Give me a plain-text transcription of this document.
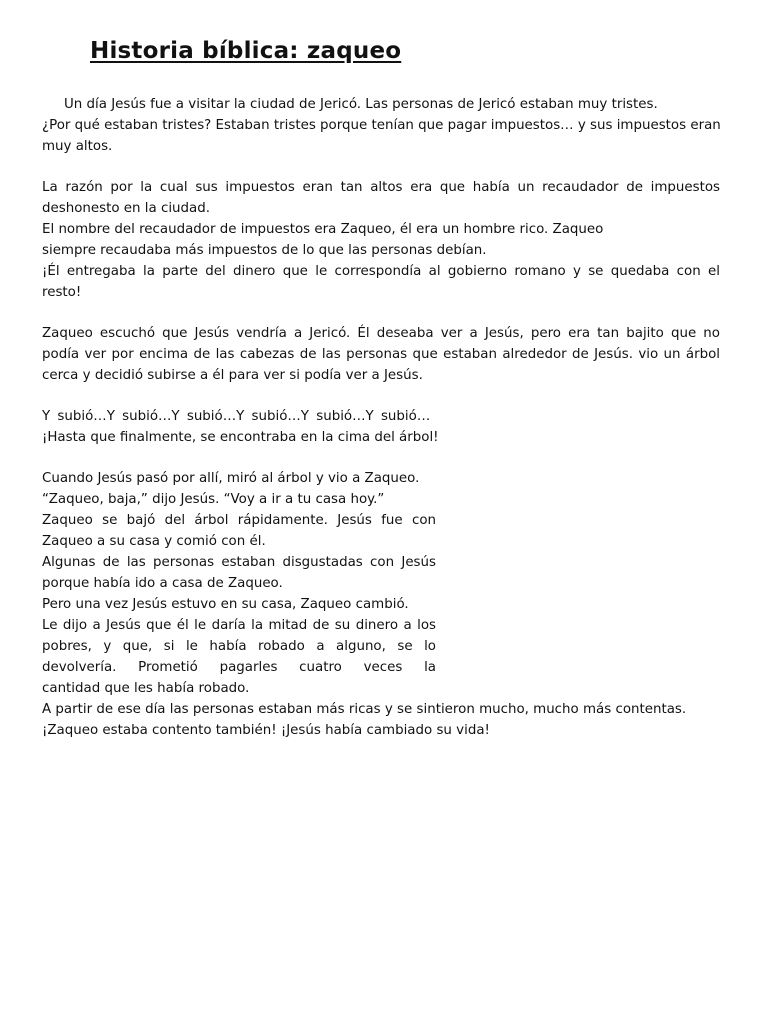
Historia bíblica: zaqueo
Un día Jesús fue a visitar la ciudad de Jericó. Las personas de Jericó estaban muy tristes.
¿Por qué estaban tristes? Estaban tristes porque tenían que pagar impuestos… y sus impuestos eran
muy altos.
La razón por la cual sus impuestos eran tan altos era que había un recaudador de impuestos
deshonesto en la ciudad.
El nombre del recaudador de impuestos era Zaqueo, él era un hombre rico. Zaqueo
siempre recaudaba más impuestos de lo que las personas debían.
¡Él entregaba la parte del dinero que le correspondía al gobierno romano y se quedaba con el
resto!
Zaqueo escuchó que Jesús vendría a Jericó. Él deseaba ver a Jesús, pero era tan bajito que no
podía ver por encima de las cabezas de las personas que estaban alrededor de Jesús. vio un árbol
cerca y decidió subirse a él para ver si podía ver a Jesús.
Y subió…Y subió…Y subió…Y subió…Y subió…Y subió…
¡Hasta que finalmente, se encontraba en la cima del árbol!
Cuando Jesús pasó por allí, miró al árbol y vio a Zaqueo.
“Zaqueo, baja,” dijo Jesús. “Voy a ir a tu casa hoy.”
Zaqueo se bajó del árbol rápidamente. Jesús fue con
Zaqueo a su casa y comió con él.
Algunas de las personas estaban disgustadas con Jesús
porque había ido a casa de Zaqueo.
Pero una vez Jesús estuvo en su casa, Zaqueo cambió.
Le dijo a Jesús que él le daría la mitad de su dinero a los
pobres, y que, si le había robado a alguno, se lo
devolvería. Prometió pagarles cuatro veces la
cantidad que les había robado.
A partir de ese día las personas estaban más ricas y se sintieron mucho, mucho más contentas.
¡Zaqueo estaba contento también! ¡Jesús había cambiado su vida!
